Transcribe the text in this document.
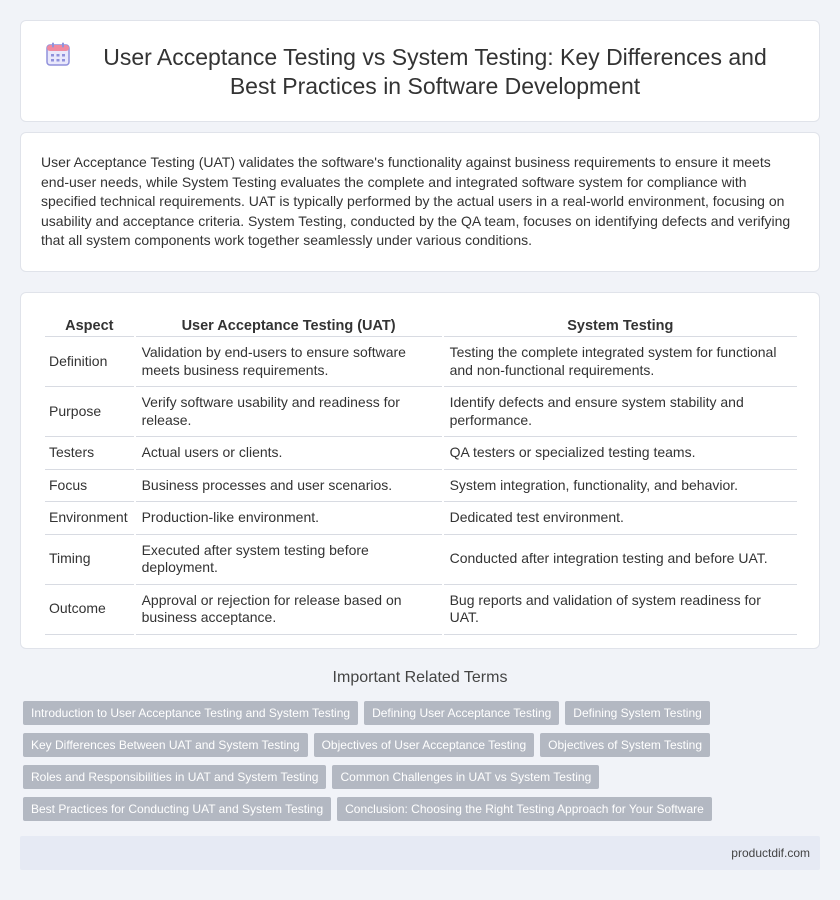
User Acceptance Testing vs System Testing: Key Differences and Best Practices in Software Development

User Acceptance Testing (UAT) validates the software's functionality against business requirements to ensure it meets end-user needs, while System Testing evaluates the complete and integrated software system for compliance with specified technical requirements. UAT is typically performed by the actual users in a real-world environment, focusing on usability and acceptance criteria. System Testing, conducted by the QA team, focuses on identifying defects and verifying that all system components work together seamlessly under various conditions.

Aspect	User Acceptance Testing (UAT)	System Testing
Definition	Validation by end-users to ensure software meets business requirements.	Testing the complete integrated system for functional and non-functional requirements.
Purpose	Verify software usability and readiness for release.	Identify defects and ensure system stability and performance.
Testers	Actual users or clients.	QA testers or specialized testing teams.
Focus	Business processes and user scenarios.	System integration, functionality, and behavior.
Environment	Production-like environment.	Dedicated test environment.
Timing	Executed after system testing before deployment.	Conducted after integration testing and before UAT.
Outcome	Approval or rejection for release based on business acceptance.	Bug reports and validation of system readiness for UAT.
Important Related Terms
Introduction to User Acceptance Testing and System Testing	Defining User Acceptance Testing	Defining System Testing
Key Differences Between UAT and System Testing	Objectives of User Acceptance Testing	Objectives of System Testing
Roles and Responsibilities in UAT and System Testing	Common Challenges in UAT vs System Testing
Best Practices for Conducting UAT and System Testing	Conclusion: Choosing the Right Testing Approach for Your Software
productdif.com
